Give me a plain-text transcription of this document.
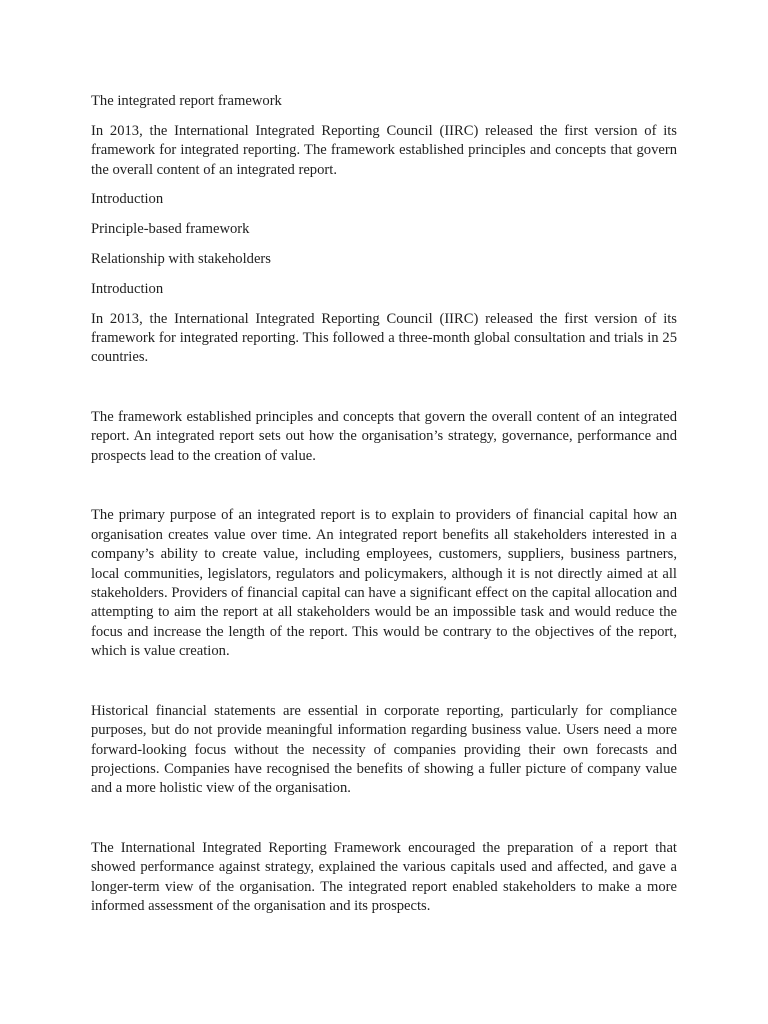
The integrated report framework

In 2013, the International Integrated Reporting Council (IIRC) released the first version of its framework for integrated reporting. The framework established principles and concepts that govern the overall content of an integrated report.

Introduction

Principle-based framework

Relationship with stakeholders

Introduction

In 2013, the International Integrated Reporting Council (IIRC) released the first version of its framework for integrated reporting. This followed a three-month global consultation and trials in 25 countries.

The framework established principles and concepts that govern the overall content of an integrated report. An integrated report sets out how the organisation’s strategy, governance, performance and prospects lead to the creation of value.

The primary purpose of an integrated report is to explain to providers of financial capital how an organisation creates value over time. An integrated report benefits all stakeholders interested in a company’s ability to create value, including employees, customers, suppliers, business partners, local communities, legislators, regulators and policymakers, although it is not directly aimed at all stakeholders. Providers of financial capital can have a significant effect on the capital allocation and attempting to aim the report at all stakeholders would be an impossible task and would reduce the focus and increase the length of the report. This would be contrary to the objectives of the report, which is value creation.

Historical financial statements are essential in corporate reporting, particularly for compliance purposes, but do not provide meaningful information regarding business value. Users need a more forward-looking focus without the necessity of companies providing their own forecasts and projections. Companies have recognised the benefits of showing a fuller picture of company value and a more holistic view of the organisation.

The International Integrated Reporting Framework encouraged the preparation of a report that showed performance against strategy, explained the various capitals used and affected, and gave a longer-term view of the organisation. The integrated report enabled stakeholders to make a more informed assessment of the organisation and its prospects.
